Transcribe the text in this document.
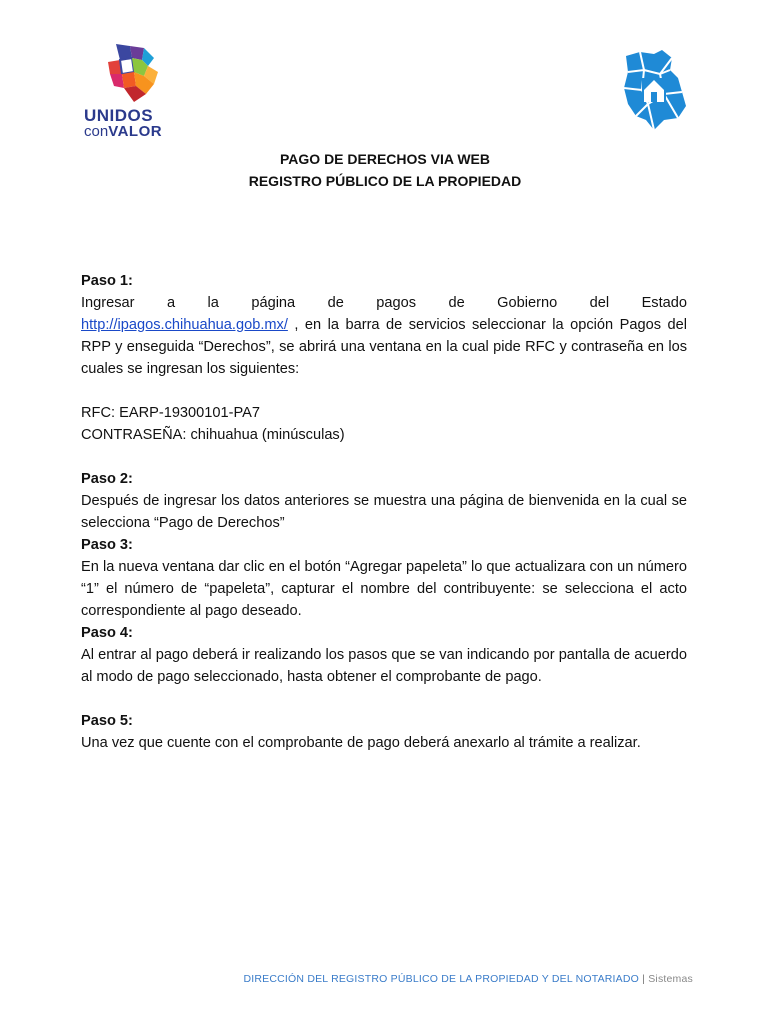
UNIDOS
conVALOR
PAGO DE DERECHOS VIA WEB
REGISTRO PÚBLICO DE LA PROPIEDAD

Paso 1:

Ingresar a la página de pagos de Gobierno del Estado

http://ipagos.chihuahua.gob.mx/ , en la barra de servicios seleccionar la opción Pagos del RPP y enseguida “Derechos”, se abrirá una ventana en la cual pide RFC y contraseña en los cuales se ingresan los siguientes:

RFC: EARP-19300101-PA7

CONTRASEÑA: chihuahua (minúsculas)

Paso 2:

Después de ingresar los datos anteriores se muestra una página de bienvenida en la cual se selecciona “Pago de Derechos”

Paso 3:

En la nueva ventana dar clic en el botón “Agregar papeleta” lo que actualizara con un número “1” el número de “papeleta”, capturar el nombre del contribuyente: se selecciona el acto correspondiente al pago deseado.

Paso 4:

Al entrar al pago deberá ir realizando los pasos que se van indicando por pantalla de acuerdo al modo de pago seleccionado, hasta obtener el comprobante de pago.

Paso 5:

Una vez que cuente con el comprobante de pago deberá anexarlo al trámite a realizar.

DIRECCIÓN DEL REGISTRO PÚBLICO DE LA PROPIEDAD Y DEL NOTARIADO | Sistemas
